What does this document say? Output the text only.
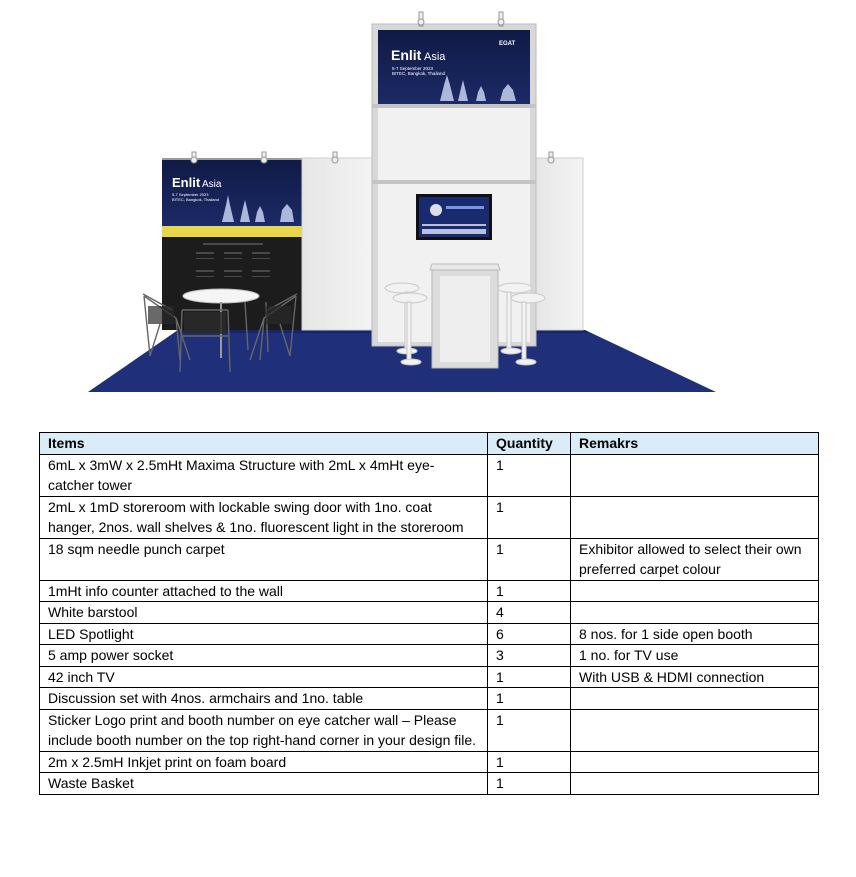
Enlit Asia
5-7 September 2023
BITEC, Bangkok, Thailand
Enlit Asia
5-7 September 2023
BITEC, Bangkok, Thailand
EGAT
Items	Quantity	Remakrs
6mL x 3mW x 2.5mHt Maxima Structure with 2mL x 4mHt eye-catcher tower	1	
2mL x 1mD storeroom with lockable swing door with 1no. coat hanger, 2nos. wall shelves & 1no. fluorescent light in the storeroom	1	
18 sqm needle punch carpet	1	Exhibitor allowed to select their own preferred carpet colour
1mHt info counter attached to the wall	1	
White barstool	4	
LED Spotlight	6	8 nos. for 1 side open booth
5 amp power socket	3	1 no. for TV use
42 inch TV	1	With USB & HDMI connection
Discussion set with 4nos. armchairs and 1no. table	1	
Sticker Logo print and booth number on eye catcher wall – Please include booth number on the top right-hand corner in your design file.	1	
2m x 2.5mH Inkjet print on foam board	1	
Waste Basket	1	
